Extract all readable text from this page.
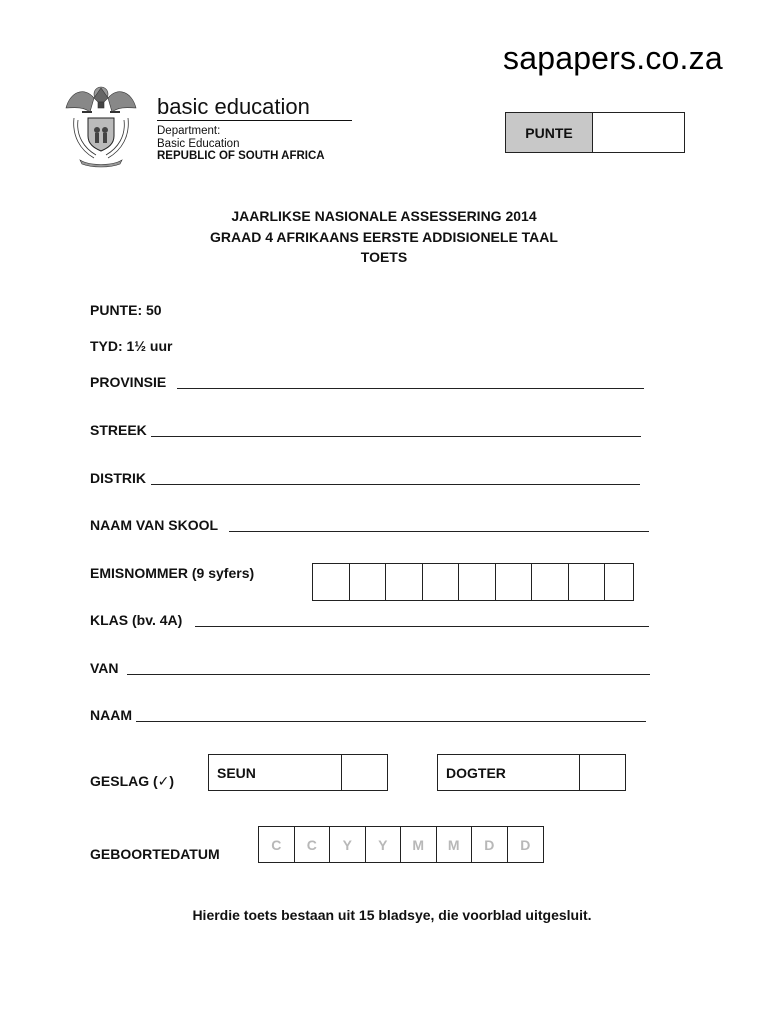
sapapers.co.za
basic education
Department:
Basic Education
REPUBLIC OF SOUTH AFRICA
PUNTE
JAARLIKSE NASIONALE ASSESSERING 2014
GRAAD 4 AFRIKAANS EERSTE ADDISIONELE TAAL
TOETS
PUNTE: 50
TYD: 1½ uur
PROVINSIE
STREEK
DISTRIK
NAAM VAN SKOOL
EMISNOMMER (9 syfers)
KLAS (bv. 4A)
VAN
NAAM
GESLAG (✓)	SEUN	DOGTER
GEBOORTEDATUM
C	C	Y	Y	M	M	D	D
Hierdie toets bestaan uit 15 bladsye, die voorblad uitgesluit.
